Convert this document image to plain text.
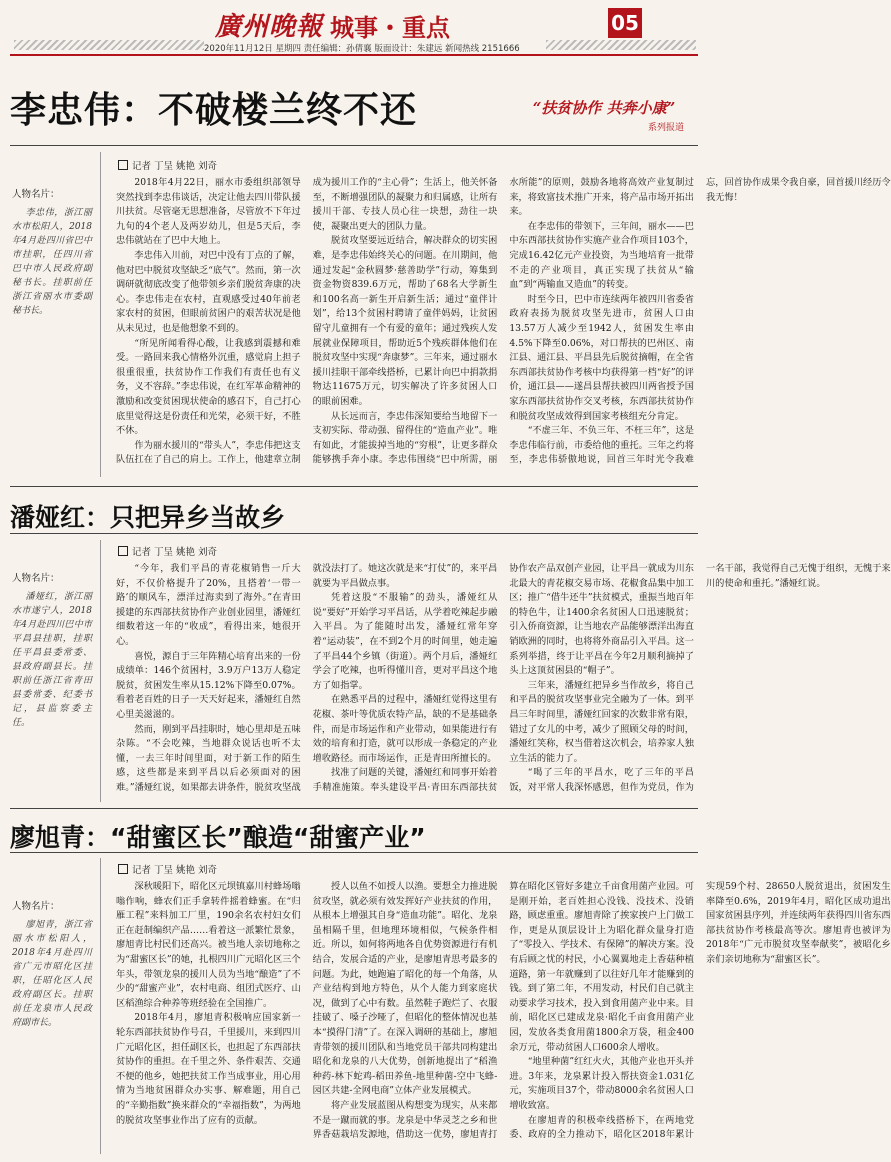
廣州晚報 城事・重点	05
2020年11月12日 星期四 责任编辑：孙倩襄 版面设计：朱建远 新闻热线 2151666
李忠伟：不破楼兰终不还	“扶贫协作 共奔小康”
系列报道
人物名片：
李忠伟，浙江丽水市松阳人，2018年4月赴四川省巴中市挂职，任四川省巴中市人民政府副秘书长。挂职前任浙江省丽水市委副秘书长。
记者 丁呈 姚艳 刘奇

2018年4月22日，丽水市委组织部领导突然找到李忠伟谈话，决定让他去四川带队援川扶贫。尽管毫无思想准备，尽管放不下年过九旬的4个老人及两岁幼儿，但是5天后，李忠伟就站在了巴中大地上。

李忠伟入川前，对巴中没有丁点的了解，他对巴中脱贫攻坚缺乏“底气”。然而，第一次调研就彻底改变了他带领乡亲们脱贫奔康的决心。李忠伟走在农村，直观感受过40年前老家农村的贫困，但眼前贫困户的艰苦状况是他从未见过，也是他想象不到的。

“所见所闻看得心酸，让我感到震撼和难受。一路回来我心情格外沉重，感觉肩上担子很重很重，扶贫协作工作我们有责任也有义务，义不容辞。”李忠伟说，在红军革命精神的激励和改变贫困现状使命的感召下，自己打心底里觉得这是份责任和光荣，必须干好，不胜不休。

作为丽水援川的“带头人”，李忠伟把这支队伍扛在了自己的肩上。工作上，他建章立制成为援川工作的“主心骨”；生活上，他关怀备至，不断增强团队的凝聚力和归属感，让所有援川干部、专技人员心往一块想，劲往一块使，凝聚出更大的团队力量。

脱贫攻坚要远近结合，解决群众的切实困难，是李忠伟始终关心的问题。在川期间，他通过发起“金秋圆梦·慈善助学”行动，筹集到资金物资839.6万元，帮助了68名大学新生和100名高一新生开启新生活；通过“童伴计划”，给13个贫困村聘请了童伴妈妈，让贫困留守儿童拥有一个有爱的童年；通过残疾人发展就业保障项目，帮助近5个残疾群体他们在脱贫攻坚中实现“奔康梦”。三年来，通过丽水援川挂职干部牵线搭桥，已累计向巴中捐款捐物达11675万元，切实解决了许多贫困人口的眼前困难。

从长远而言，李忠伟深知要给当地留下一支初实际、带动强、留得住的“造血产业”。唯有如此，才能拔掉当地的“穷根”，让更多群众能够携手奔小康。李忠伟围绕“巴中所需，丽水所能”的原则，鼓励各地将高效产业复制过来，将致富技术推广开来，将产品市场开拓出来。

在李忠伟的带领下，三年间，丽水——巴中东西部扶贫协作实施产业合作项目103个，完成16.42亿元产业投资，为当地培育一批带不走的产业项目，真正实现了扶贫从“输血”到“两输血又造血”的转变。

时至今日，巴中市连续两年被四川省委省政府表扬为脱贫攻坚先进市，贫困人口由13.57万人减少至1942人，贫困发生率由4.5%下降至0.06%，对口帮扶的巴州区、南江县、通江县、平昌县先后脱贫摘帽，在全省东西部扶贫协作考核中均获得第一档“好”的评价，通江县——遂昌县帮扶被四川两省授予国家东西部扶贫协作交叉考核，东西部扶贫协作和脱贫攻坚成效得到国家考核组充分肯定。

“不虚三年、不负三年、不枉三年”，这是李忠伟临行前，市委给他的重托。三年之约将至，李忠伟骄傲地说，回首三年时光令我难忘，回首协作成果令我自豪，回首援川经历令我无悔！

潘娅红：只把异乡当故乡
人物名片：
潘娅红，浙江丽水市遂宁人，2018年4月赴四川巴中市平昌县挂职，挂职任平昌县委常委、县政府副县长。挂职前任浙江省青田县委常委、纪委书记，县监察委主任。
记者 丁呈 姚艳 刘奇

“今年，我们平昌的青花椒销售一斤大好，不仅价格提升了20%，且搭着‘一带一路’的顺风车，漂洋过海卖到了海外。”在青田援建的东西部扶贫协作产业创业园里，潘娅红细数着这一年的“收成”，看得出来，她很开心。

喜悦，源自于三年阵精心培育出来的一份成绩单：146个贫困村，3.9万户13万人稳定脱贫，贫困发生率从15.12%下降至0.07%。看着老百姓的日子一天天好起来，潘娅红自然心里美滋滋的。

然而，刚到平昌挂职时，她心里却是五味杂陈。“不会吃辣，当地群众说话也听不太懂，一去三年时间里面，对于新工作的陌生感，这些都是来到平昌以后必须面对的困难。”潘娅红说，如果都去讲条件，脱贫攻坚战就没法打了。她这次就是来“打仗”的，来平昌就要为平昌做点事。

凭着这股“不服输”的劲头，潘娅红从说“要好”开始学习平昌话，从学着吃辣起步融入平昌。为了能随时出发，潘娅红常年穿着“运动装”，在不到2个月的时间里，她走遍了平昌44个乡镇（街道）。两个月后，潘娅红学会了吃辣，也听得懂川音，更对平昌这个地方了如指掌。

在熟悉平昌的过程中，潘娅红觉得这里有花椒、茶叶等优质农特产品，缺的不是基础条件，而是市场运作和产业带动，如果能进行有效的培育和打造，就可以形成一条稳定的产业增收路径。而市场运作，正是青田所擅长的。

找准了问题的关键，潘娅红和同事开始着手精准施策。奉头建设平昌·青田东西部扶贫协作农产品双创产业园，让平昌一就成为川东北最大的青花椒交易市场、花椒食品集中加工区；推广“借牛还牛”扶贫模式，重振当地百年的特色牛，让1400余名贫困人口迅速脱贫；引入侨商资源，让当地农产品能够漂洋出海直销欧洲的同时，也将将外商品引入平昌。这一系列举措，终于让平昌在今年2月顺利摘掉了头上这顶贫困县的“帽子”。

三年来，潘娅红把异乡当作故乡，将自己和平昌的脱贫攻坚事业完全融为了一体。到平昌三年时间里，潘娅红回家的次数非常有限，错过了女儿的中考，减少了照顾父母的时间，潘娅红笑称，权当借着这次机会，培养家人独立生活的能力了。

“喝了三年的平昌水，吃了三年的平昌饭，对平常人我深怀感恩，但作为党员，作为一名干部，我觉得自己无愧于组织，无愧于来川的使命和重托。”潘娅红说。

廖旭青：“甜蜜区长”酿造“甜蜜产业”
人物名片：
廖旭青，浙江省丽水市松阳人，2018年4月赴四川省广元市昭化区挂职，任昭化区人民政府副区长。挂职前任龙泉市人民政府副市长。
记者 丁呈 姚艳 刘奇

深秋暖阳下，昭化区元坝镇嘉川村蜂场嗡嗡作响，蜂农们正手拿转件摇着蜂蜜。在“归雁工程”来料加工厂里，190余名农村妇女们正在赶制编织产品……看着这一派繁忙景象，廖旭青比村民们还高兴。被当地人亲切地称之为“甜蜜区长”的她，扎根四川广元昭化区三个年头，带领龙泉的援川人员为当地“酿造”了不少的“甜蜜产业”，农村电商、组团式医疗、山区稻渔综合种养等班经验在全国推广。

2018年4月，廖旭青积极响应国家新一轮东西部扶贫协作号召，千里援川，来到四川广元昭化区，担任副区长，也担起了东西部扶贫协作的重担。在千里之外、条件艰苦、交通不便的他乡，她把扶贫工作当成事业，用心用情为当地贫困群众办实事、解难题，用自己的“辛勤指数”换来群众的“幸福指数”，为两地的脱贫攻坚事业作出了应有的贡献。

授人以鱼不如授人以渔。要想全力推进脱贫攻坚，就必须有效发挥好产业扶贫的作用，从根本上增强其自身“造血功能”。昭化、龙泉虽相隔千里，但地理环境相似，气候条件相近。所以，如何将两地各自优势资源进行有机结合，发展合适的产业，是廖旭青思考最多的问题。为此，她跑遍了昭化的每一个角落，从产业结构到地方特色，从个人能力到家庭状况，做到了心中有数。虽然鞋子跑烂了、衣服挂破了、嗓子沙哑了，但昭化的整体情况也基本“摸得门清”了。在深入调研的基础上，廖旭青带领的援川团队和当地党员干部共同构建出昭化和龙泉的八大优势，创新地提出了“稻渔种药-林下蛇鸡-稻田养鱼-地里种菌-空中飞蜂-园区共建-全网电商”立体产业发展模式。

将产业发展蓝图从构想变为现实，从来都不是一蹴而就的事。龙泉是中华灵芝之乡和世界香菇栽培发源地，借助这一优势，廖旭青打算在昭化区管好多建立千亩食用菌产业园。可是刚开始，老百姓担心没钱、没技术、没销路，顾虑重重。廖旭青除了挨家挨户上门做工作，更是从顶层设计上为昭化群众量身打造了“零投入、学技术、有保障”的解决方案。没有后顾之忧的村民，小心翼翼地走上香菇种植道路，第一年就赚到了以往好几年才能赚到的钱。到了第二年，不用发动，村民们自己就主动要求学习技术，投入到食用菌产业中来。目前，昭化区已建成龙泉·昭化千亩食用菌产业园，发放各类食用菌1800余万袋，租金400余万元，带动贫困人口600余人增收。

“地里种菌”红红火火，其他产业也开头并进。3年来，龙泉累计投入帮扶资金1.031亿元，实施项目37个，带动8000余名贫困人口增收致富。

在廖旭青的积极牵线搭桥下，在两地党委、政府的全力推动下，昭化区2018年累计实现59个村、28650人脱贫退出，贫困发生率降至0.6%，2019年4月，昭化区成功退出国家贫困县序列，并连续两年获得四川省东西部扶贫协作考核最高等次。廖旭青也被评为2018年“广元市脱贫攻坚奉献奖”，被昭化乡亲们亲切地称为“甜蜜区长”。
